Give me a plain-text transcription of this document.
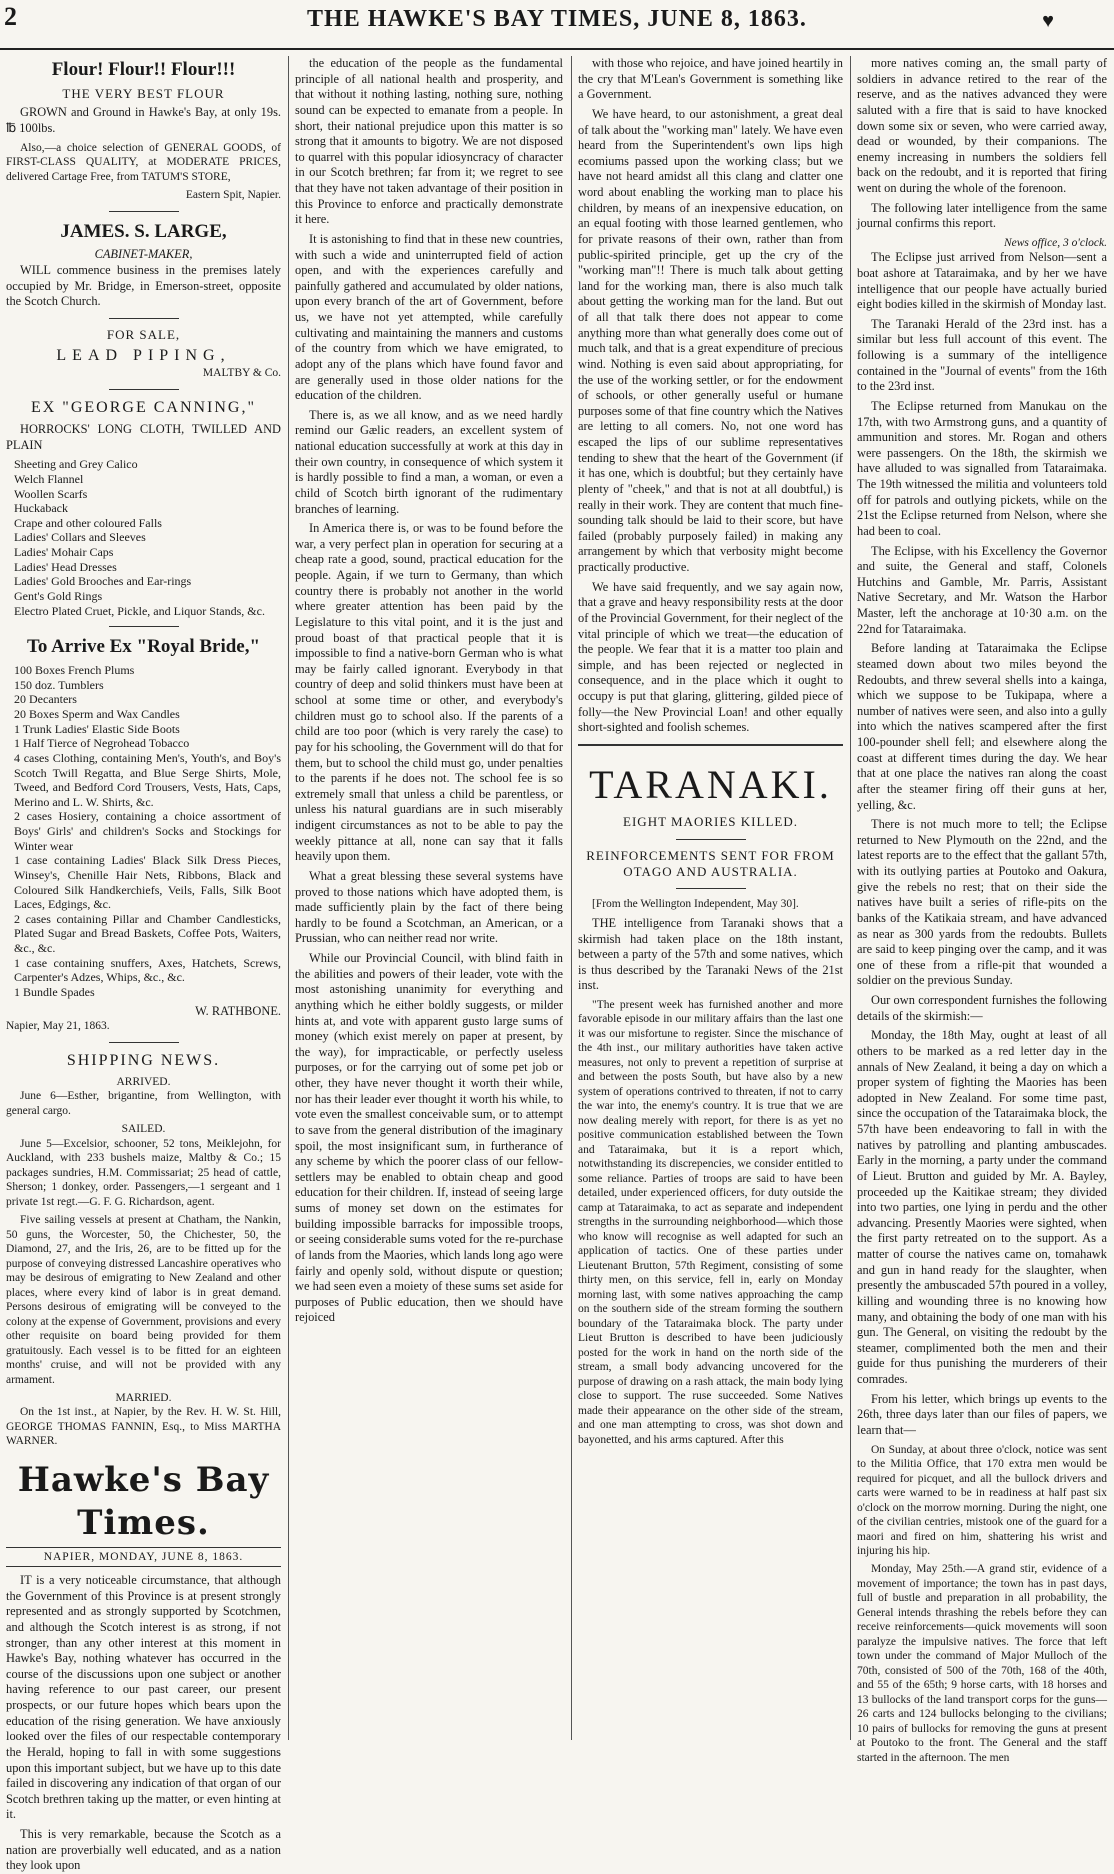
2	THE HAWKE'S BAY TIMES, JUNE 8, 1863.	♥
Flour! Flour!! Flour!!!
THE VERY BEST FLOUR

GROWN and Ground in Hawke's Bay, at only 19s. ℔ 100lbs.

Also,—a choice selection of GENERAL GOODS, of FIRST-CLASS QUALITY, at MODERATE PRICES, delivered Cartage Free, from TATUM'S STORE,

Eastern Spit, Napier.
JAMES. S. LARGE,
CABINET-MAKER,

WILL commence business in the premises lately occupied by Mr. Bridge, in Emerson-street, opposite the Scotch Church.

FOR SALE,
LEAD PIPING,
MALTBY & Co.
EX "GEORGE CANNING,"

HORROCKS' LONG CLOTH, TWILLED AND PLAIN

Sheeting and Grey Calico
Welch Flannel
Woollen Scarfs
Huckaback
Crape and other coloured Falls
Ladies' Collars and Sleeves
Ladies' Mohair Caps
Ladies' Head Dresses
Ladies' Gold Brooches and Ear-rings
Gent's Gold Rings
Electro Plated Cruet, Pickle, and Liquor Stands, &c.
To Arrive Ex "Royal Bride,"
100 Boxes French Plums
150 doz. Tumblers
20 Decanters
20 Boxes Sperm and Wax Candles
1 Trunk Ladies' Elastic Side Boots
1 Half Tierce of Negrohead Tobacco
4 cases Clothing, containing Men's, Youth's, and Boy's Scotch Twill Regatta, and Blue Serge Shirts, Mole, Tweed, and Bedford Cord Trousers, Vests, Hats, Caps, Merino and L. W. Shirts, &c.
2 cases Hosiery, containing a choice assortment of Boys' Girls' and children's Socks and Stockings for Winter wear
1 case containing Ladies' Black Silk Dress Pieces, Winsey's, Chenille Hair Nets, Ribbons, Black and Coloured Silk Handkerchiefs, Veils, Falls, Silk Boot Laces, Edgings, &c.
2 cases containing Pillar and Chamber Candlesticks, Plated Sugar and Bread Baskets, Coffee Pots, Waiters, &c., &c.
1 case containing snuffers, Axes, Hatchets, Screws, Carpenter's Adzes, Whips, &c., &c.
1 Bundle Spades
W. RATHBONE.
Napier, May 21, 1863.
SHIPPING NEWS.
ARRIVED.

June 6—Esther, brigantine, from Wellington, with general cargo.

SAILED.

June 5—Excelsior, schooner, 52 tons, Meiklejohn, for Auckland, with 233 bushels maize, Maltby & Co.; 15 packages sundries, H.M. Commissariat; 25 head of cattle, Sherson; 1 donkey, order. Passengers,—1 sergeant and 1 private 1st regt.—G. F. G. Richardson, agent.

Five sailing vessels at present at Chatham, the Nankin, 50 guns, the Worcester, 50, the Chichester, 50, the Diamond, 27, and the Iris, 26, are to be fitted up for the purpose of conveying distressed Lancashire operatives who may be desirous of emigrating to New Zealand and other places, where every kind of labor is in great demand. Persons desirous of emigrating will be conveyed to the colony at the expense of Government, provisions and every other requisite on board being provided for them gratuitously. Each vessel is to be fitted for an eighteen months' cruise, and will not be provided with any armament.

MARRIED.

On the 1st inst., at Napier, by the Rev. H. W. St. Hill, GEORGE THOMAS FANNIN, Esq., to Miss MARTHA WARNER.

Hawke's Bay Times.
NAPIER, MONDAY, JUNE 8, 1863.

IT is a very noticeable circumstance, that although the Government of this Province is at present strongly represented and as strongly supported by Scotchmen, and although the Scotch interest is as strong, if not stronger, than any other interest at this moment in Hawke's Bay, nothing whatever has occurred in the course of the discussions upon one subject or another having reference to our past career, our present prospects, or our future hopes which bears upon the education of the rising generation. We have anxiously looked over the files of our respectable contemporary the Herald, hoping to fall in with some suggestions upon this important subject, but we have up to this date failed in discovering any indication of that organ of our Scotch brethren taking up the matter, or even hinting at it.

This is very remarkable, because the Scotch as a nation are proverbially well educated, and as a nation they look upon

the education of the people as the fundamental principle of all national health and prosperity, and that without it nothing lasting, nothing sure, nothing sound can be expected to emanate from a people. In short, their national prejudice upon this matter is so strong that it amounts to bigotry. We are not disposed to quarrel with this popular idiosyncracy of character in our Scotch brethren; far from it; we regret to see that they have not taken advantage of their position in this Province to enforce and practically demonstrate it here.

It is astonishing to find that in these new countries, with such a wide and uninterrupted field of action open, and with the experiences carefully and painfully gathered and accumulated by older nations, upon every branch of the art of Government, before us, we have not yet attempted, while carefully cultivating and maintaining the manners and customs of the country from which we have emigrated, to adopt any of the plans which have found favor and are generally used in those older nations for the education of the children.

There is, as we all know, and as we need hardly remind our Gælic readers, an excellent system of national education successfully at work at this day in their own country, in consequence of which system it is hardly possible to find a man, a woman, or even a child of Scotch birth ignorant of the rudimentary branches of learning.

In America there is, or was to be found before the war, a very perfect plan in operation for securing at a cheap rate a good, sound, practical education for the people. Again, if we turn to Germany, than which country there is probably not another in the world where greater attention has been paid by the Legislature to this vital point, and it is the just and proud boast of that practical people that it is impossible to find a native-born German who is what may be fairly called ignorant. Everybody in that country of deep and solid thinkers must have been at school at some time or other, and everybody's children must go to school also. If the parents of a child are too poor (which is very rarely the case) to pay for his schooling, the Government will do that for them, but to school the child must go, under penalties to the parents if he does not. The school fee is so extremely small that unless a child be parentless, or unless his natural guardians are in such miserably indigent circumstances as not to be able to pay the weekly pittance at all, none can say that it falls heavily upon them.

What a great blessing these several systems have proved to those nations which have adopted them, is made sufficiently plain by the fact of there being hardly to be found a Scotchman, an American, or a Prussian, who can neither read nor write.

While our Provincial Council, with blind faith in the abilities and powers of their leader, vote with the most astonishing unanimity for everything and anything which he either boldly suggests, or milder hints at, and vote with apparent gusto large sums of money (which exist merely on paper at present, by the way), for impracticable, or perfectly useless purposes, or for the carrying out of some pet job or other, they have never thought it worth their while, nor has their leader ever thought it worth his while, to vote even the smallest conceivable sum, or to attempt to save from the general distribution of the imaginary spoil, the most insignificant sum, in furtherance of any scheme by which the poorer class of our fellow-settlers may be enabled to obtain cheap and good education for their children. If, instead of seeing large sums of money set down on the estimates for building impossible barracks for impossible troops, or seeing considerable sums voted for the re-purchase of lands from the Maories, which lands long ago were fairly and openly sold, without dispute or question; we had seen even a moiety of these sums set aside for purposes of Public education, then we should have rejoiced

with those who rejoice, and have joined heartily in the cry that M'Lean's Government is something like a Government.

We have heard, to our astonishment, a great deal of talk about the "working man" lately. We have even heard from the Superintendent's own lips high ecomiums passed upon the working class; but we have not heard amidst all this clang and clatter one word about enabling the working man to place his children, by means of an inexpensive education, on an equal footing with those learned gentlemen, who for private reasons of their own, rather than from public-spirited principle, get up the cry of the "working man"!! There is much talk about getting land for the working man, there is also much talk about getting the working man for the land. But out of all that talk there does not appear to come anything more than what generally does come out of much talk, and that is a great expenditure of precious wind. Nothing is even said about appropriating, for the use of the working settler, or for the endowment of schools, or other generally useful or humane purposes some of that fine country which the Natives are letting to all comers. No, not one word has escaped the lips of our sublime representatives tending to shew that the heart of the Government (if it has one, which is doubtful; but they certainly have plenty of "cheek," and that is not at all doubtful,) is really in their work. They are content that much fine-sounding talk should be laid to their score, but have failed (probably purposely failed) in making any arrangement by which that verbosity might become practically productive.

We have said frequently, and we say again now, that a grave and heavy responsibility rests at the door of the Provincial Government, for their neglect of the vital principle of which we treat—the education of the people. We fear that it is a matter too plain and simple, and has been rejected or neglected in consequence, and in the place which it ought to occupy is put that glaring, glittering, gilded piece of folly—the New Provincial Loan! and other equally short-sighted and foolish schemes.

TARANAKI.
EIGHT MAORIES KILLED.
REINFORCEMENTS SENT FOR FROM OTAGO AND AUSTRALIA.

[From the Wellington Independent, May 30].

THE intelligence from Taranaki shows that a skirmish had taken place on the 18th instant, between a party of the 57th and some natives, which is thus described by the Taranaki News of the 21st inst.

"The present week has furnished another and more favorable episode in our military affairs than the last one it was our misfortune to register. Since the mischance of the 4th inst., our military authorities have taken active measures, not only to prevent a repetition of surprise at and between the posts South, but have also by a new system of operations contrived to threaten, if not to carry the war into, the enemy's country. It is true that we are now dealing merely with report, for there is as yet no positive communication established between the Town and Tataraimaka, but it is a report which, notwithstanding its discrepencies, we consider entitled to some reliance. Parties of troops are said to have been detailed, under experienced officers, for duty outside the camp at Tataraimaka, to act as separate and independent strengths in the surrounding neighborhood—which those who know will recognise as well adapted for such an application of tactics. One of these parties under Lieutenant Brutton, 57th Regiment, consisting of some thirty men, on this service, fell in, early on Monday morning last, with some natives approaching the camp on the southern side of the stream forming the southern boundary of the Tataraimaka block. The party under Lieut Brutton is described to have been judiciously posted for the work in hand on the north side of the stream, a small body advancing uncovered for the purpose of drawing on a rash attack, the main body lying close to support. The ruse succeeded. Some Natives made their appearance on the other side of the stream, and one man attempting to cross, was shot down and bayonetted, and his arms captured. After this

more natives coming an, the small party of soldiers in advance retired to the rear of the reserve, and as the natives advanced they were saluted with a fire that is said to have knocked down some six or seven, who were carried away, dead or wounded, by their companions. The enemy increasing in numbers the soldiers fell back on the redoubt, and it is reported that firing went on during the whole of the forenoon.

The following later intelligence from the same journal confirms this report.

News office, 3 o'clock.

The Eclipse just arrived from Nelson—sent a boat ashore at Tataraimaka, and by her we have intelligence that our people have actually buried eight bodies killed in the skirmish of Monday last.

The Taranaki Herald of the 23rd inst. has a similar but less full account of this event. The following is a summary of the intelligence contained in the "Journal of events" from the 16th to the 23rd inst.

The Eclipse returned from Manukau on the 17th, with two Armstrong guns, and a quantity of ammunition and stores. Mr. Rogan and others were passengers. On the 18th, the skirmish we have alluded to was signalled from Tataraimaka. The 19th witnessed the militia and volunteers told off for patrols and outlying pickets, while on the 21st the Eclipse returned from Nelson, where she had been to coal.

The Eclipse, with his Excellency the Governor and suite, the General and staff, Colonels Hutchins and Gamble, Mr. Parris, Assistant Native Secretary, and Mr. Watson the Harbor Master, left the anchorage at 10·30 a.m. on the 22nd for Tataraimaka.

Before landing at Tataraimaka the Eclipse steamed down about two miles beyond the Redoubts, and threw several shells into a kainga, which we suppose to be Tukipapa, where a number of natives were seen, and also into a gully into which the natives scampered after the first 100-pounder shell fell; and elsewhere along the coast at different times during the day. We hear that at one place the natives ran along the coast after the steamer firing off their guns at her, yelling, &c.

There is not much more to tell; the Eclipse returned to New Plymouth on the 22nd, and the latest reports are to the effect that the gallant 57th, with its outlying parties at Poutoko and Oakura, give the rebels no rest; that on their side the natives have built a series of rifle-pits on the banks of the Katikaia stream, and have advanced as near as 300 yards from the redoubts. Bullets are said to keep pinging over the camp, and it was one of these from a rifle-pit that wounded a soldier on the previous Sunday.

Our own correspondent furnishes the following details of the skirmish:—

Monday, the 18th May, ought at least of all others to be marked as a red letter day in the annals of New Zealand, it being a day on which a proper system of fighting the Maories has been adopted in New Zealand. For some time past, since the occupation of the Tataraimaka block, the 57th have been endeavoring to fall in with the natives by patrolling and planting ambuscades. Early in the morning, a party under the command of Lieut. Brutton and guided by Mr. A. Bayley, proceeded up the Kaitikae stream; they divided into two parties, one lying in perdu and the other advancing. Presently Maories were sighted, when the first party retreated on to the support. As a matter of course the natives came on, tomahawk and gun in hand ready for the slaughter, when presently the ambuscaded 57th poured in a volley, killing and wounding three is no knowing how many, and obtaining the body of one man with his gun. The General, on visiting the redoubt by the steamer, complimented both the men and their guide for thus punishing the murderers of their comrades.

From his letter, which brings up events to the 26th, three days later than our files of papers, we learn that—

On Sunday, at about three o'clock, notice was sent to the Militia Office, that 170 extra men would be required for picquet, and all the bullock drivers and carts were warned to be in readiness at half past six o'clock on the morrow morning. During the night, one of the civilian centries, mistook one of the guard for a maori and fired on him, shattering his wrist and injuring his hip.

Monday, May 25th.—A grand stir, evidence of a movement of importance; the town has in past days, full of bustle and preparation in all probability, the General intends thrashing the rebels before they can receive reinforcements—quick movements will soon paralyze the impulsive natives. The force that left town under the command of Major Mulloch of the 70th, consisted of 500 of the 70th, 168 of the 40th, and 55 of the 65th; 9 horse carts, with 18 horses and 13 bullocks of the land transport corps for the guns—26 carts and 124 bullocks belonging to the civilians; 10 pairs of bullocks for removing the guns at present at Poutoko to the front. The General and the staff started in the afternoon. The men
